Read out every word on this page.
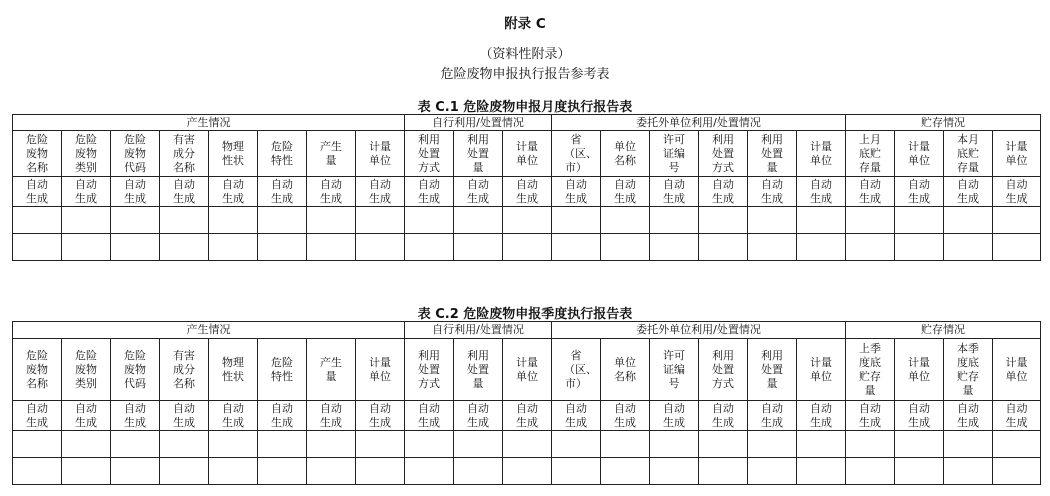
附录 C
（资料性附录）
危险废物申报执行报告参考表
表 C.1 危险废物申报月度执行报告表
产生情况								自行利用/处置情况			委托外单位利用/处置情况						贮存情况			
危险废物名称	危险废物类别	危险废物代码	有害成分名称	物理性状	危险特性	产生量	计量单位	利用处置方式	利用处置量	计量单位	省（区、市）	单位名称	许可证编号	利用处置方式	利用处置量	计量单位	上月底贮存量	计量单位	本月底贮存量	计量单位
自动生成	自动生成	自动生成	自动生成	自动生成	自动生成	自动生成	自动生成	自动生成	自动生成	自动生成	自动生成	自动生成	自动生成	自动生成	自动生成	自动生成	自动生成	自动生成	自动生成	自动生成

表 C.2 危险废物申报季度执行报告表
产生情况								自行利用/处置情况			委托外单位利用/处置情况						贮存情况			
危险废物名称	危险废物类别	危险废物代码	有害成分名称	物理性状	危险特性	产生量	计量单位	利用处置方式	利用处置量	计量单位	省（区、市）	单位名称	许可证编号	利用处置方式	利用处置量	计量单位	上季度底贮存量	计量单位	本季度底贮存量	计量单位
自动生成	自动生成	自动生成	自动生成	自动生成	自动生成	自动生成	自动生成	自动生成	自动生成	自动生成	自动生成	自动生成	自动生成	自动生成	自动生成	自动生成	自动生成	自动生成	自动生成	自动生成
